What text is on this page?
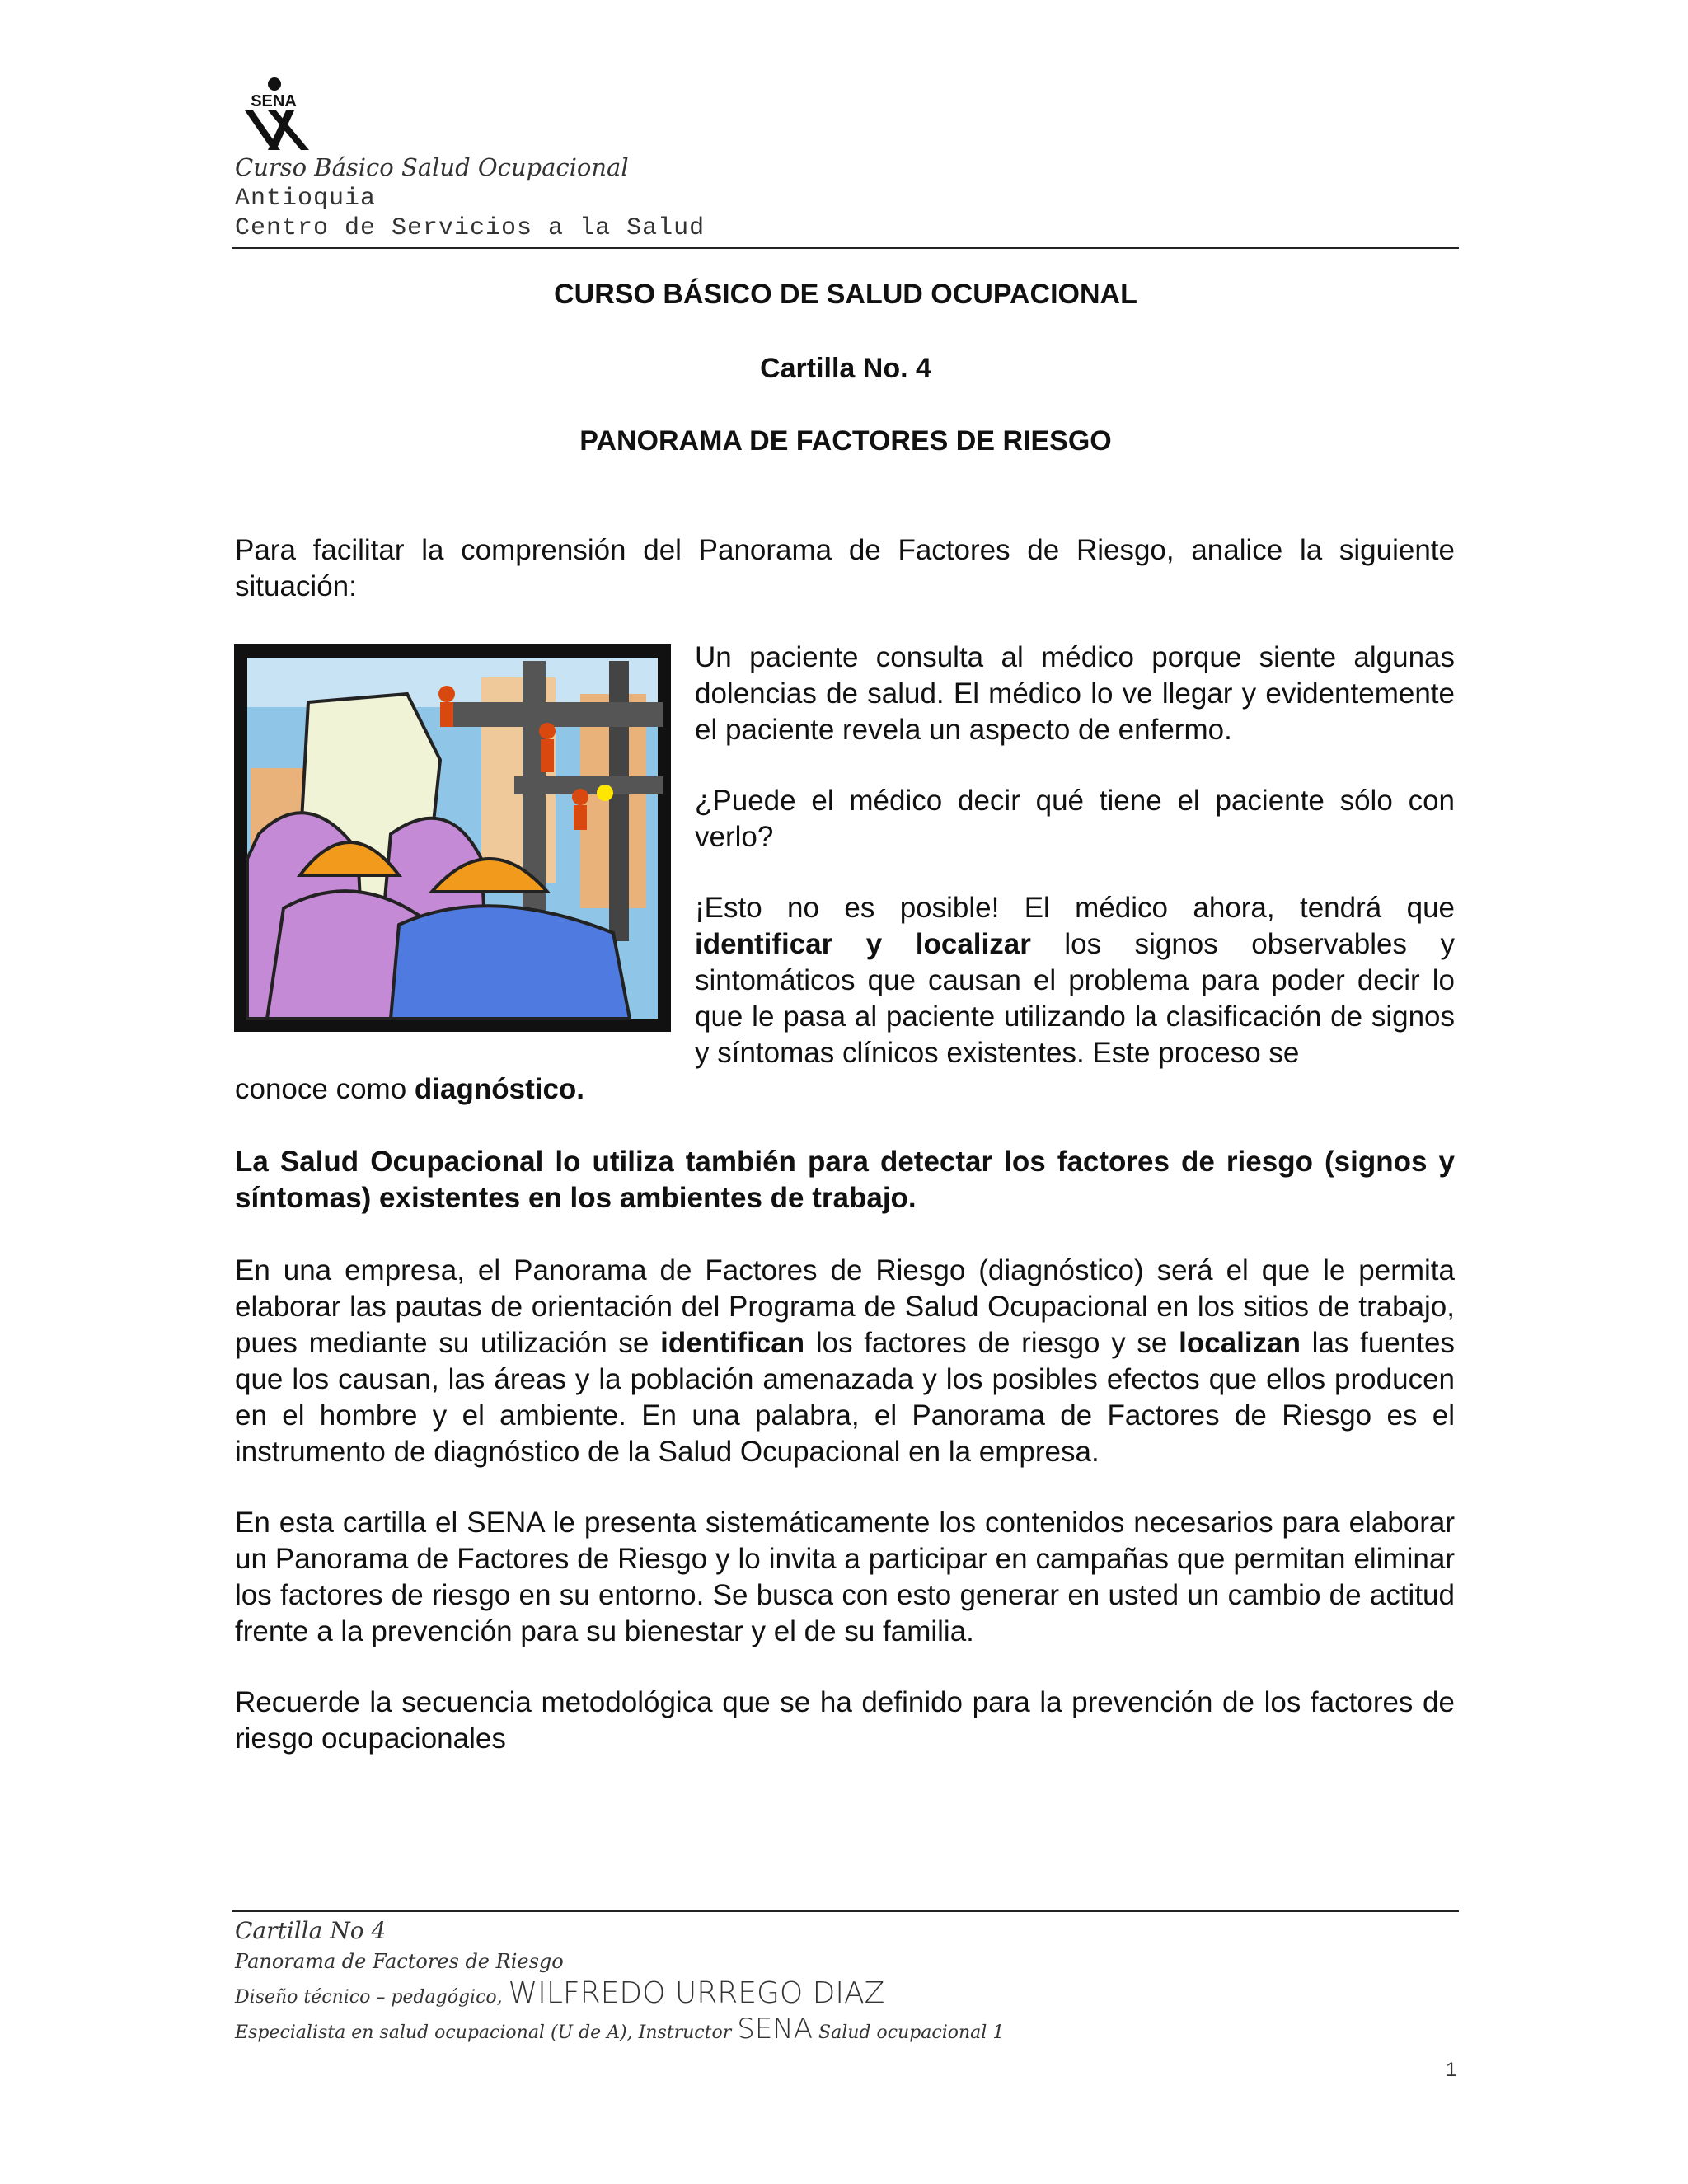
SENA
Curso Básico Salud Ocupacional
Antioquia
Centro de Servicios a la Salud
CURSO BÁSICO DE SALUD OCUPACIONAL
Cartilla No. 4
PANORAMA DE FACTORES DE RIESGO
Para facilitar la comprensión del Panorama de Factores de Riesgo, analice la siguiente situación:
Un paciente consulta al médico porque siente algunas dolencias de salud. El médico lo ve llegar y evidentemente el paciente revela un aspecto de enfermo.
¿Puede el médico decir qué tiene el paciente sólo con verlo?
¡Esto no es posible! El médico ahora, tendrá que identificar y localizar los signos observables y sintomáticos que causan el problema para poder decir lo que le pasa al paciente utilizando la clasificación de signos y síntomas clínicos existentes. Este proceso se
conoce como diagnóstico.
La Salud Ocupacional lo utiliza también para detectar los factores de riesgo (signos y síntomas) existentes en los ambientes de trabajo.
En una empresa, el Panorama de Factores de Riesgo (diagnóstico) será el que le permita elaborar las pautas de orientación del Programa de Salud Ocupacional en los sitios de trabajo, pues mediante su utilización se identifican los factores de riesgo y se localizan las fuentes que los causan, las áreas y la población amenazada y los posibles efectos que ellos producen en el hombre y el ambiente. En una palabra, el Panorama de Factores de Riesgo es el instrumento de diagnóstico de la Salud Ocupacional en la empresa.
En esta cartilla el SENA le presenta sistemáticamente los contenidos necesarios para elaborar un Panorama de Factores de Riesgo y lo invita a participar en campañas que permitan eliminar los factores de riesgo en su entorno. Se busca con esto generar en usted un cambio de actitud frente a la prevención para su bienestar y el de su familia.
Recuerde la secuencia metodológica que se ha definido para la prevención de los factores de riesgo ocupacionales
Cartilla No 4
Panorama de Factores de Riesgo
Diseño técnico – pedagógico, WILFREDO URREGO DIAZ
Especialista en salud ocupacional (U de A), Instructor SENA Salud ocupacional 1
1
